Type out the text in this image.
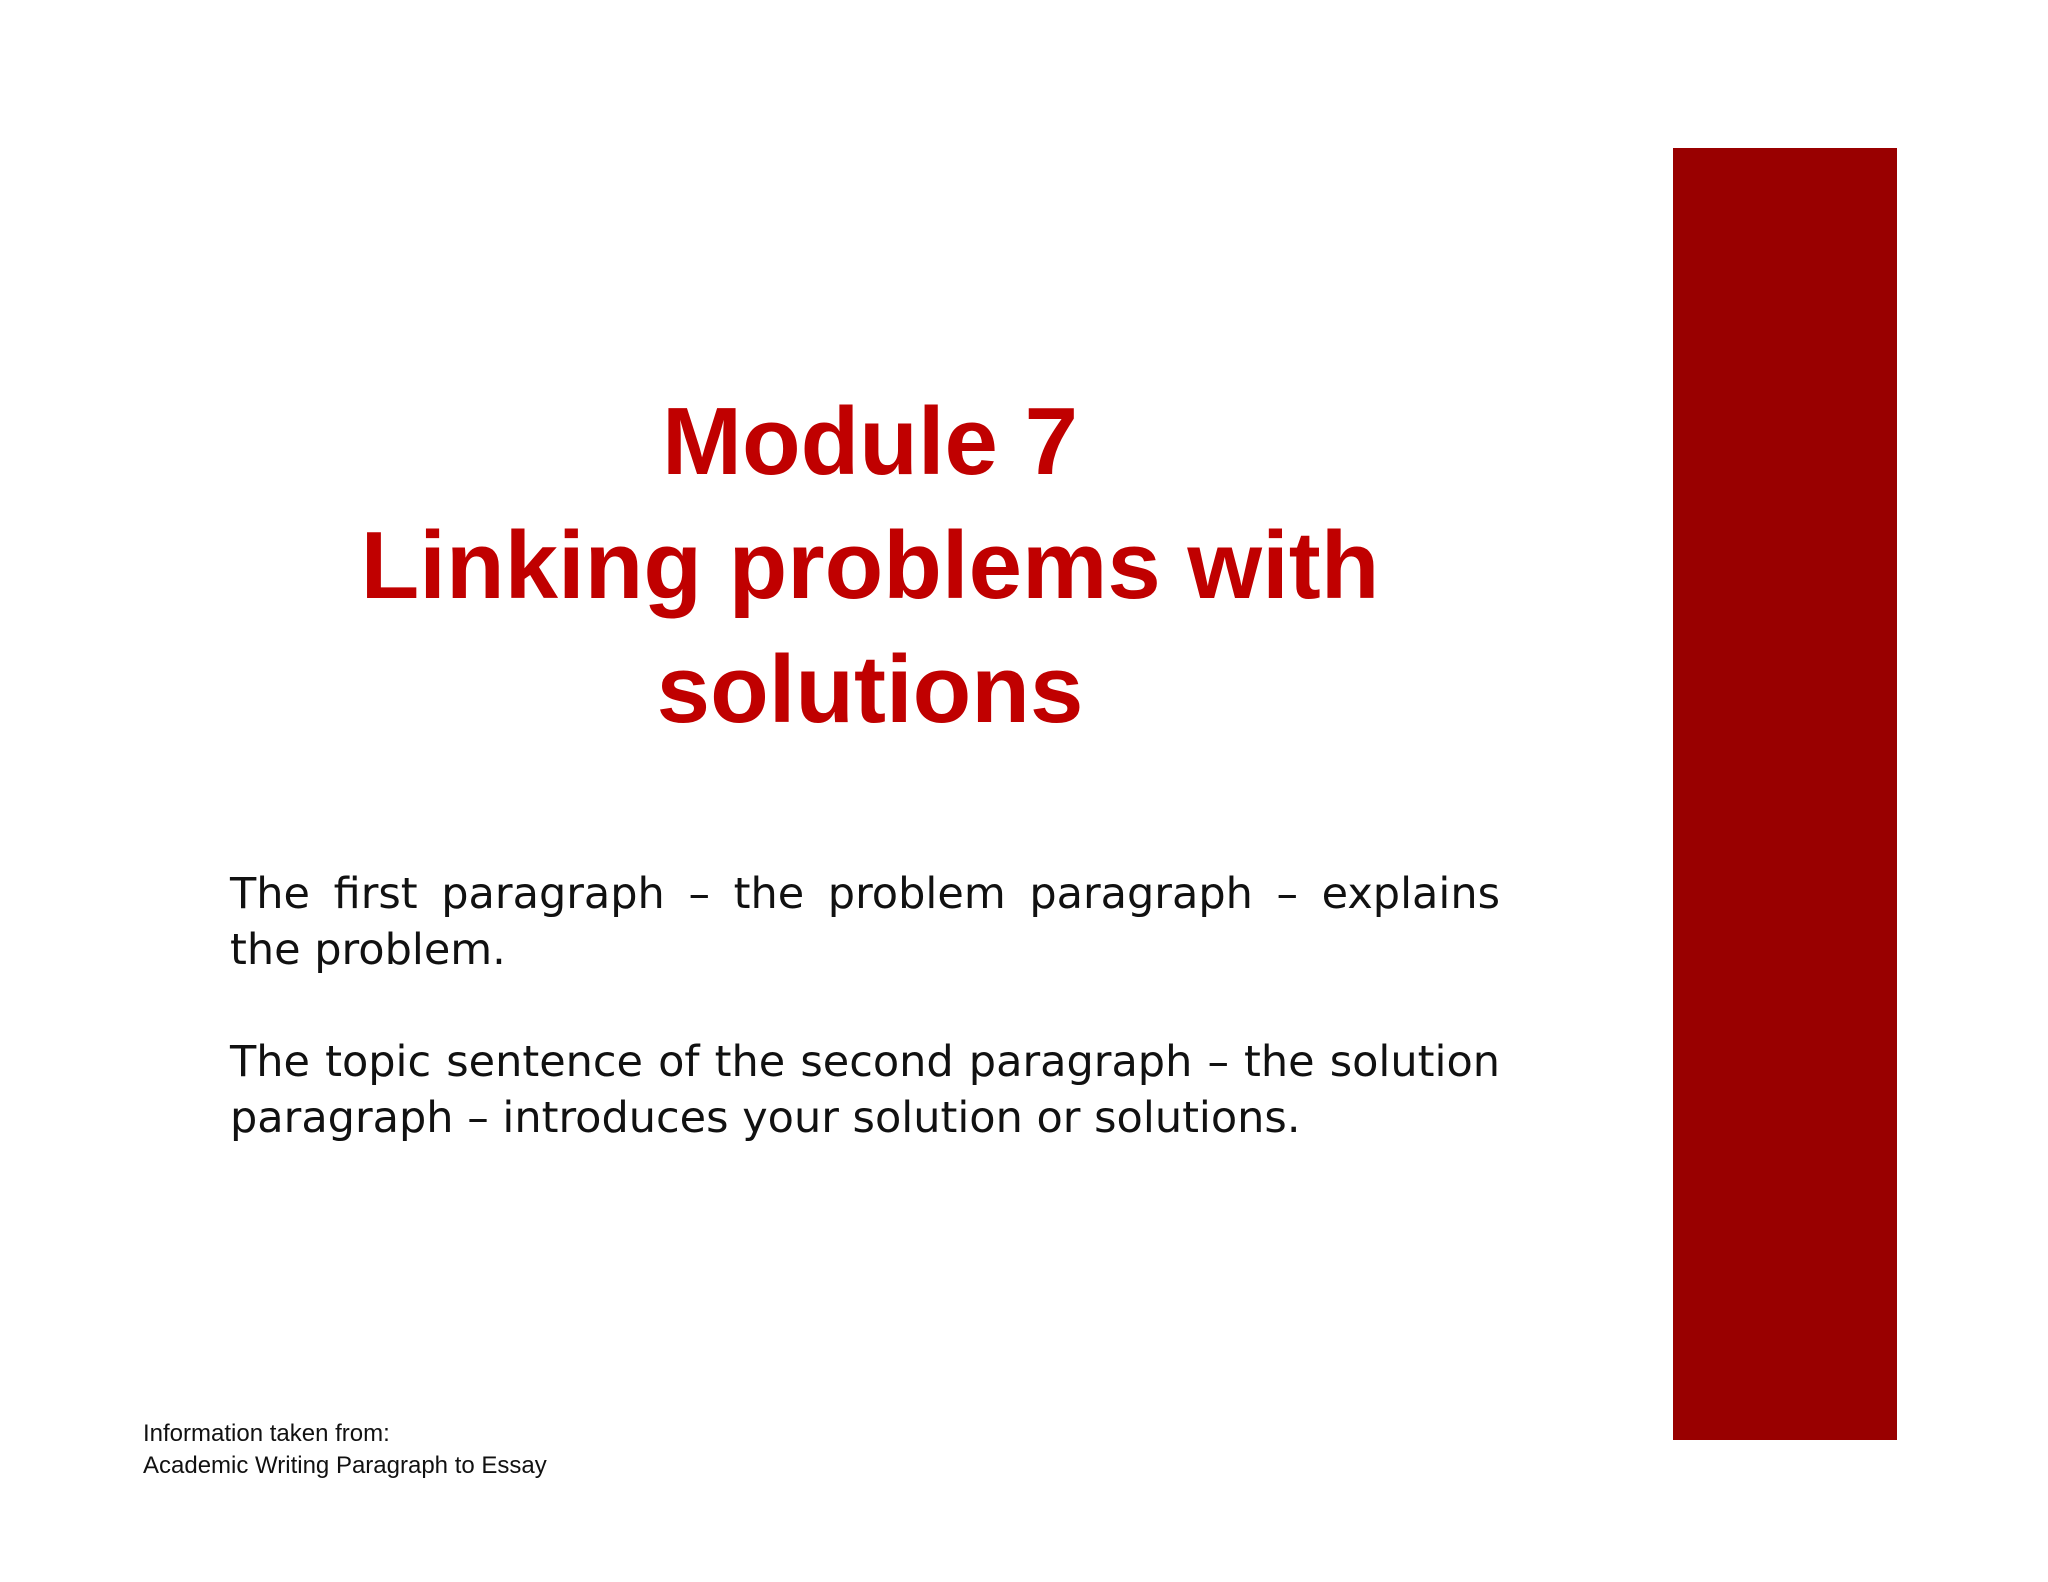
Module 7
Linking problems with
solutions

The first paragraph – the problem paragraph – explains the problem.

The topic sentence of the second paragraph – the solution paragraph – introduces your solution or solutions.

Information taken from:
Academic Writing Paragraph to Essay
